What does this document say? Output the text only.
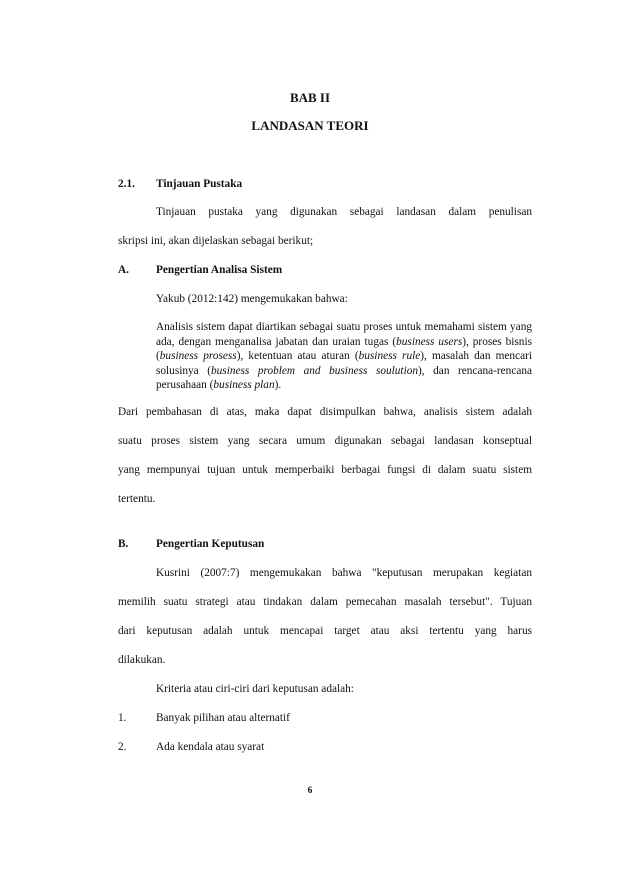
BAB II
LANDASAN TEORI
2.1. Tinjauan Pustaka
Tinjauan pustaka yang digunakan sebagai landasan dalam penulisan
skripsi ini, akan dijelaskan sebagai berikut;
A. Pengertian Analisa Sistem
Yakub (2012:142) mengemukakan bahwa:
Analisis sistem dapat diartikan sebagai suatu proses untuk memahami sistem yang ada, dengan menganalisa jabatan dan uraian tugas (business users), proses bisnis (business prosess), ketentuan atau aturan (business rule), masalah dan mencari solusinya (business problem and business soulution), dan rencana-rencana perusahaan (business plan).
Dari pembahasan di atas, maka dapat disimpulkan bahwa, analisis sistem adalah
suatu proses sistem yang secara umum digunakan sebagai landasan konseptual
yang mempunyai tujuan untuk memperbaiki berbagai fungsi di dalam suatu sistem
tertentu.
B. Pengertian Keputusan
Kusrini (2007:7) mengemukakan bahwa "keputusan merupakan kegiatan
memilih suatu strategi atau tindakan dalam pemecahan masalah tersebut". Tujuan
dari keputusan adalah untuk mencapai target atau aksi tertentu yang harus
dilakukan.
Kriteria atau ciri-ciri dari keputusan adalah:
1.	Banyak pilihan atau alternatif
2.	Ada kendala atau syarat
6
